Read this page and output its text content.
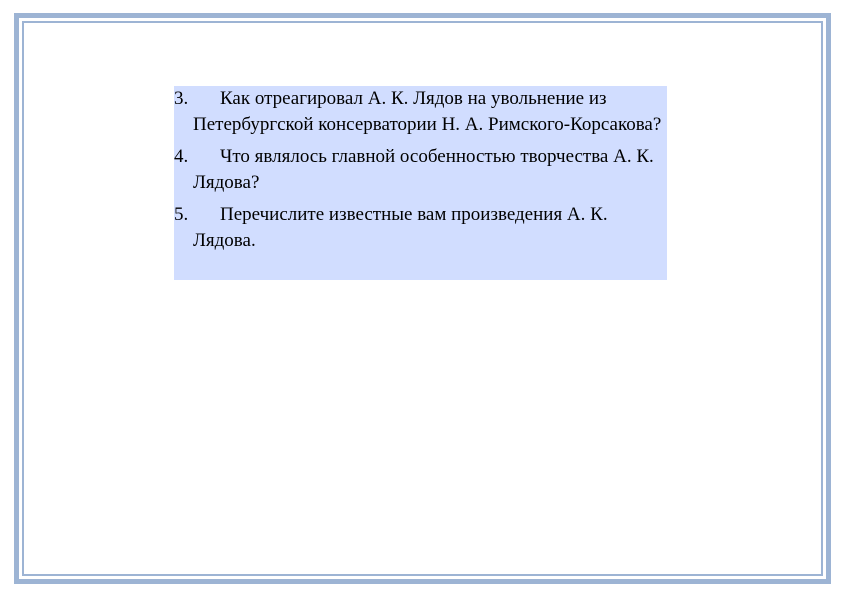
3.	Как отреагировал А. К. Лядов на увольнение из Петербургской консерватории Н. А. Римского-Корсакова?

4.	Что являлось главной особенностью творчества А. К. Лядова?

5.	Перечислите известные вам произведения А. К. Лядова.
